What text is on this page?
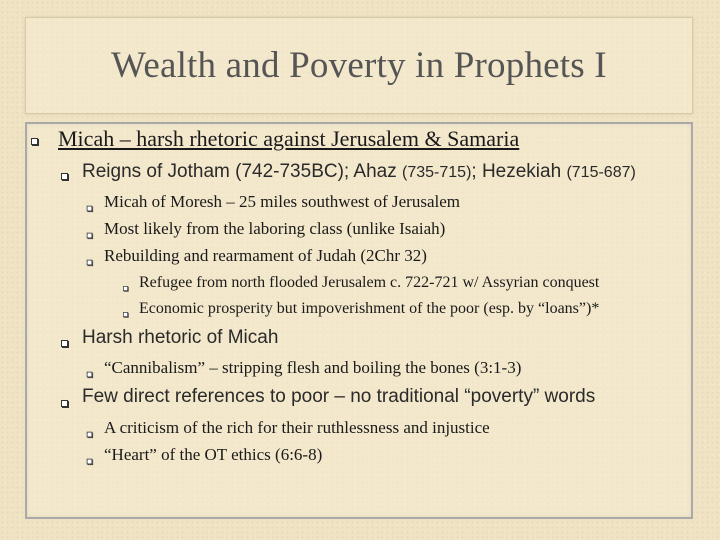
Wealth and Poverty in Prophets I
Micah – harsh rhetoric against Jerusalem & Samaria
Reigns of Jotham (742-735BC); Ahaz (735-715); Hezekiah (715-687)
Micah of Moresh – 25 miles southwest of Jerusalem
Most likely from the laboring class (unlike Isaiah)
Rebuilding and rearmament of Judah (2Chr 32)
Refugee from north flooded Jerusalem c. 722-721 w/ Assyrian conquest
Economic prosperity but impoverishment of the poor (esp. by “loans”)*
Harsh rhetoric of Micah
“Cannibalism” – stripping flesh and boiling the bones (3:1-3)
Few direct references to poor – no traditional “poverty” words
A criticism of the rich for their ruthlessness and injustice
“Heart” of the OT ethics (6:6-8)
